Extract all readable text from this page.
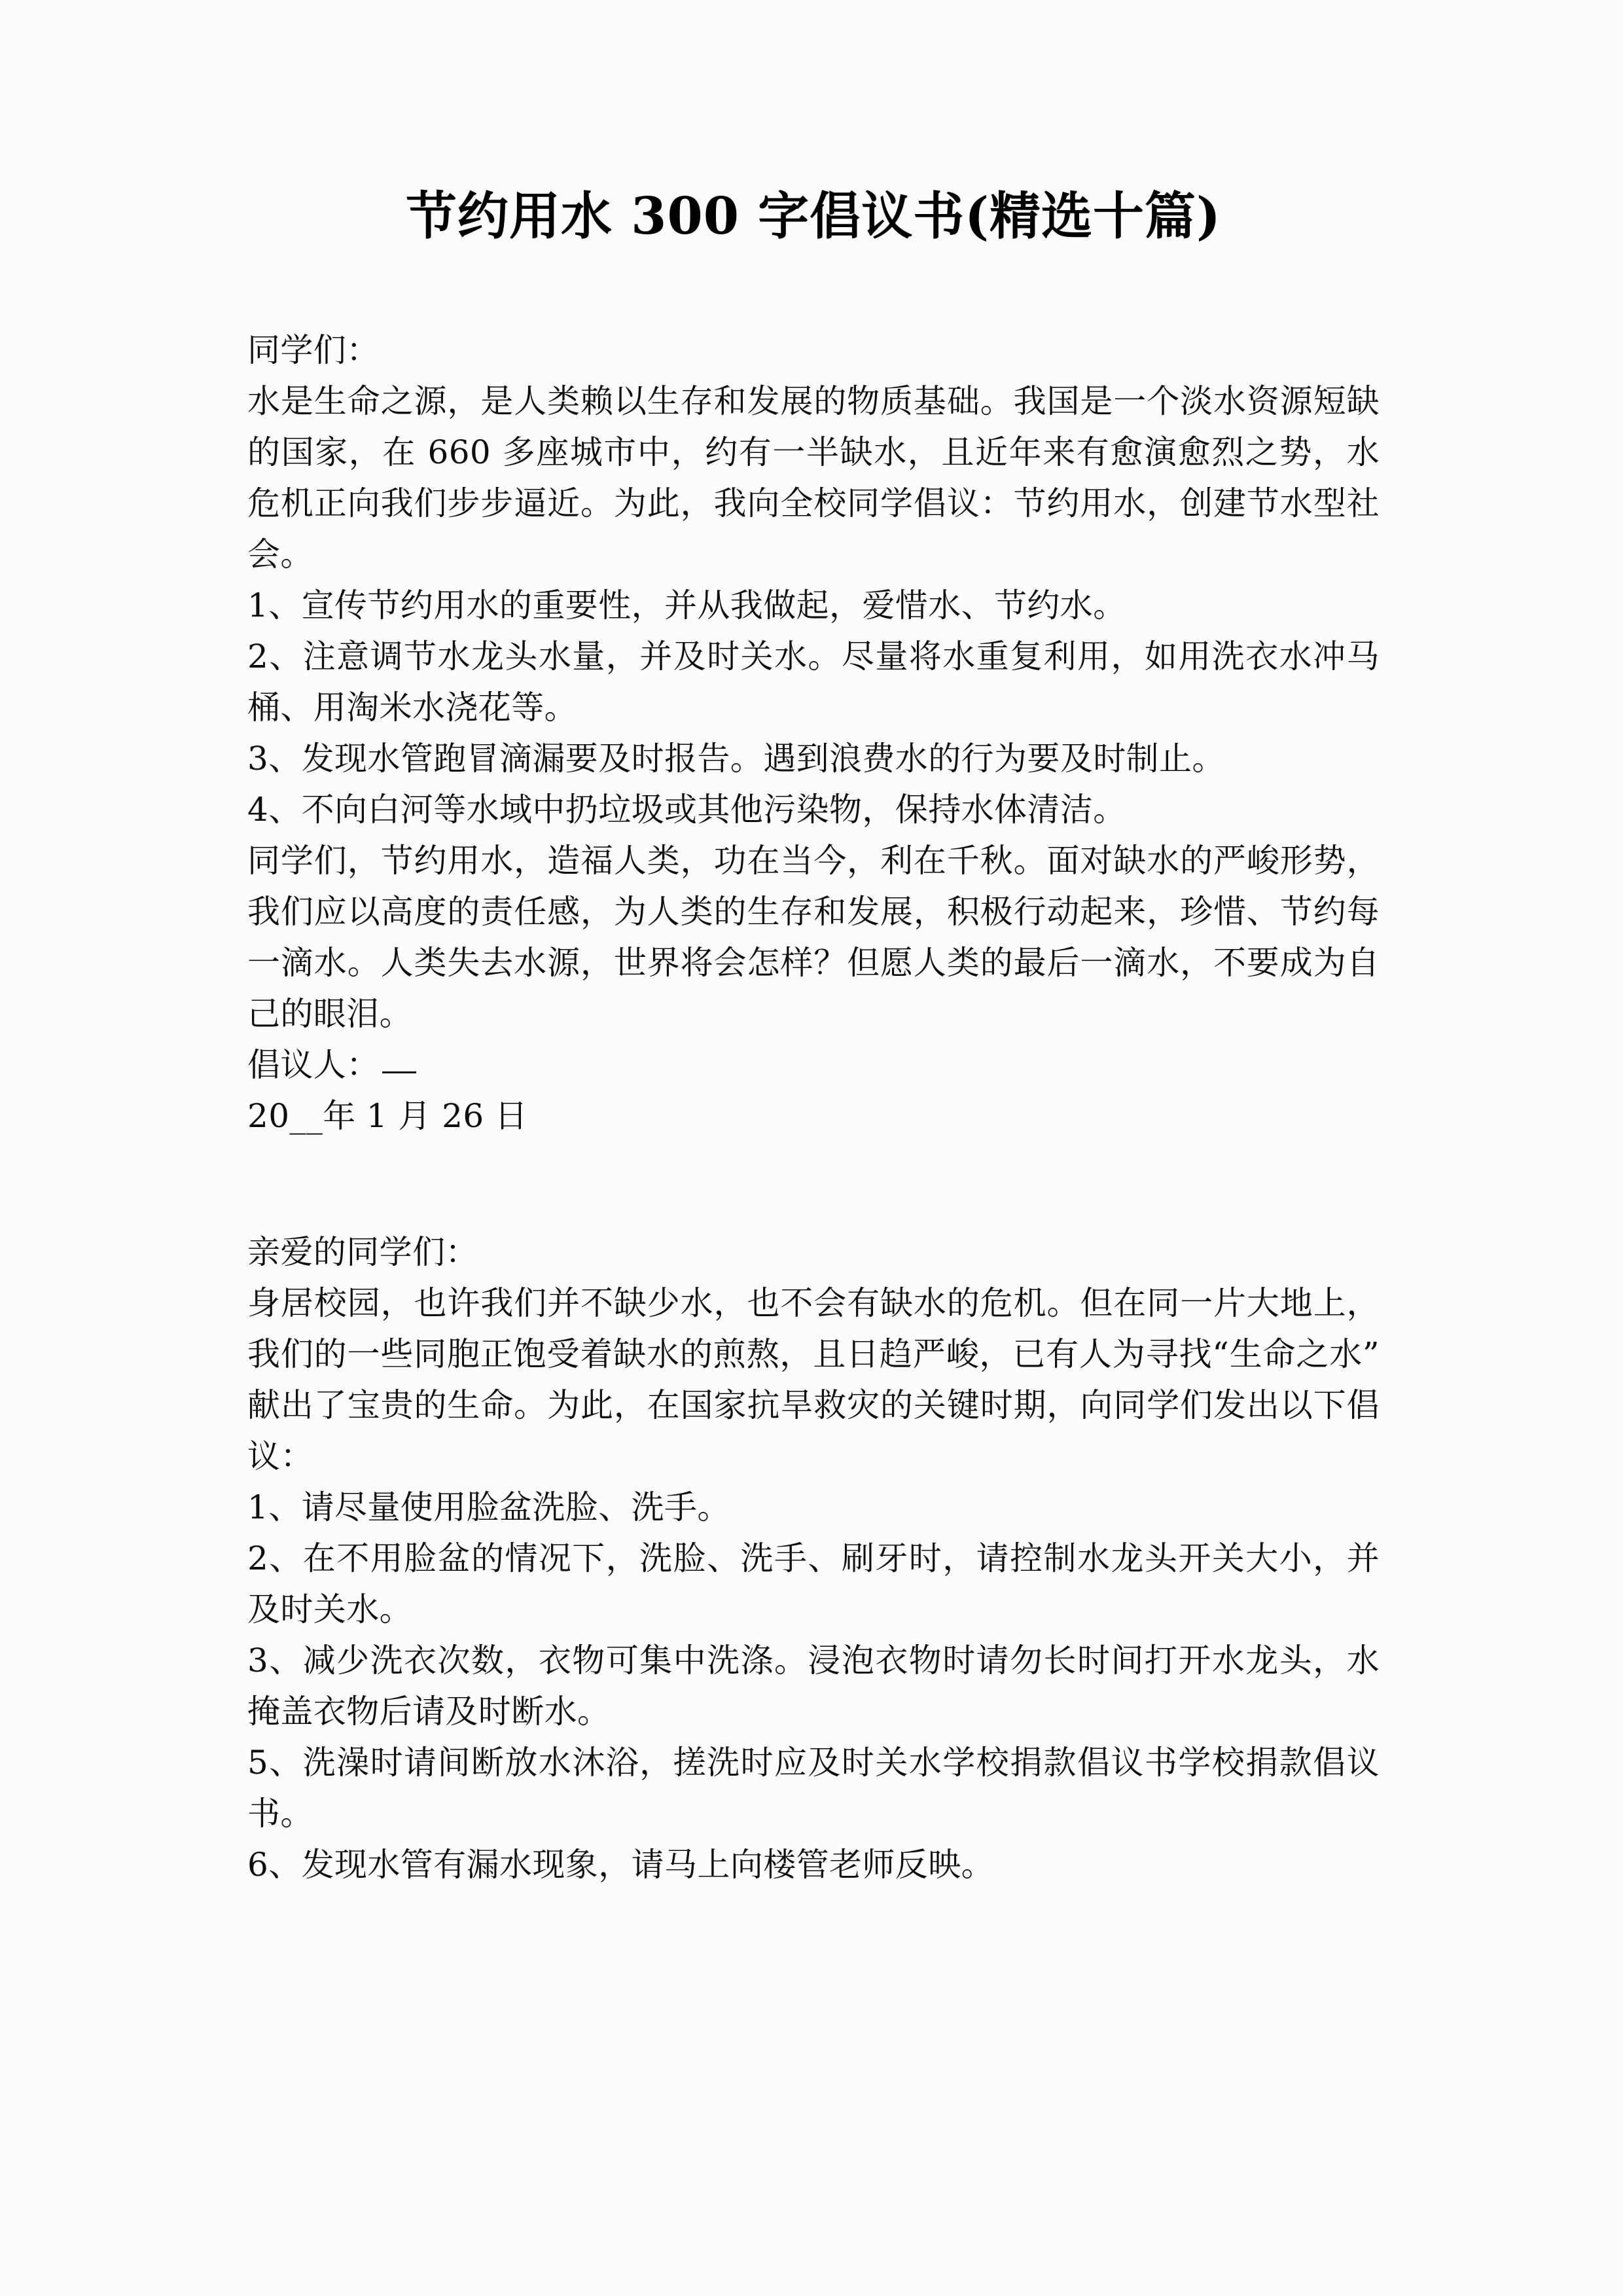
节约用水 300 字倡议书(精选十篇)

同学们：

水是生命之源，是人类赖以生存和发展的物质基础。我国是一个淡水资源短缺的国家，在 660 多座城市中，约有一半缺水，且近年来有愈演愈烈之势，水危机正向我们步步逼近。为此，我向全校同学倡议：节约用水，创建节水型社会。

1、宣传节约用水的重要性，并从我做起，爱惜水、节约水。

2、注意调节水龙头水量，并及时关水。尽量将水重复利用，如用洗衣水冲马桶、用淘米水浇花等。

3、发现水管跑冒滴漏要及时报告。遇到浪费水的行为要及时制止。

4、不向白河等水域中扔垃圾或其他污染物，保持水体清洁。

同学们，节约用水，造福人类，功在当今，利在千秋。面对缺水的严峻形势，我们应以高度的责任感，为人类的生存和发展，积极行动起来，珍惜、节约每一滴水。人类失去水源，世界将会怎样？但愿人类的最后一滴水，不要成为自己的眼泪。

倡议人：

20__年 1 月 26 日

亲爱的同学们：

身居校园，也许我们并不缺少水，也不会有缺水的危机。但在同一片大地上，我们的一些同胞正饱受着缺水的煎熬，且日趋严峻，已有人为寻找“生命之水”献出了宝贵的生命。为此，在国家抗旱救灾的关键时期，向同学们发出以下倡议：

1、请尽量使用脸盆洗脸、洗手。

2、在不用脸盆的情况下，洗脸、洗手、刷牙时，请控制水龙头开关大小，并及时关水。

3、减少洗衣次数，衣物可集中洗涤。浸泡衣物时请勿长时间打开水龙头，水掩盖衣物后请及时断水。

5、洗澡时请间断放水沐浴，搓洗时应及时关水学校捐款倡议书学校捐款倡议书。

6、发现水管有漏水现象，请马上向楼管老师反映。
